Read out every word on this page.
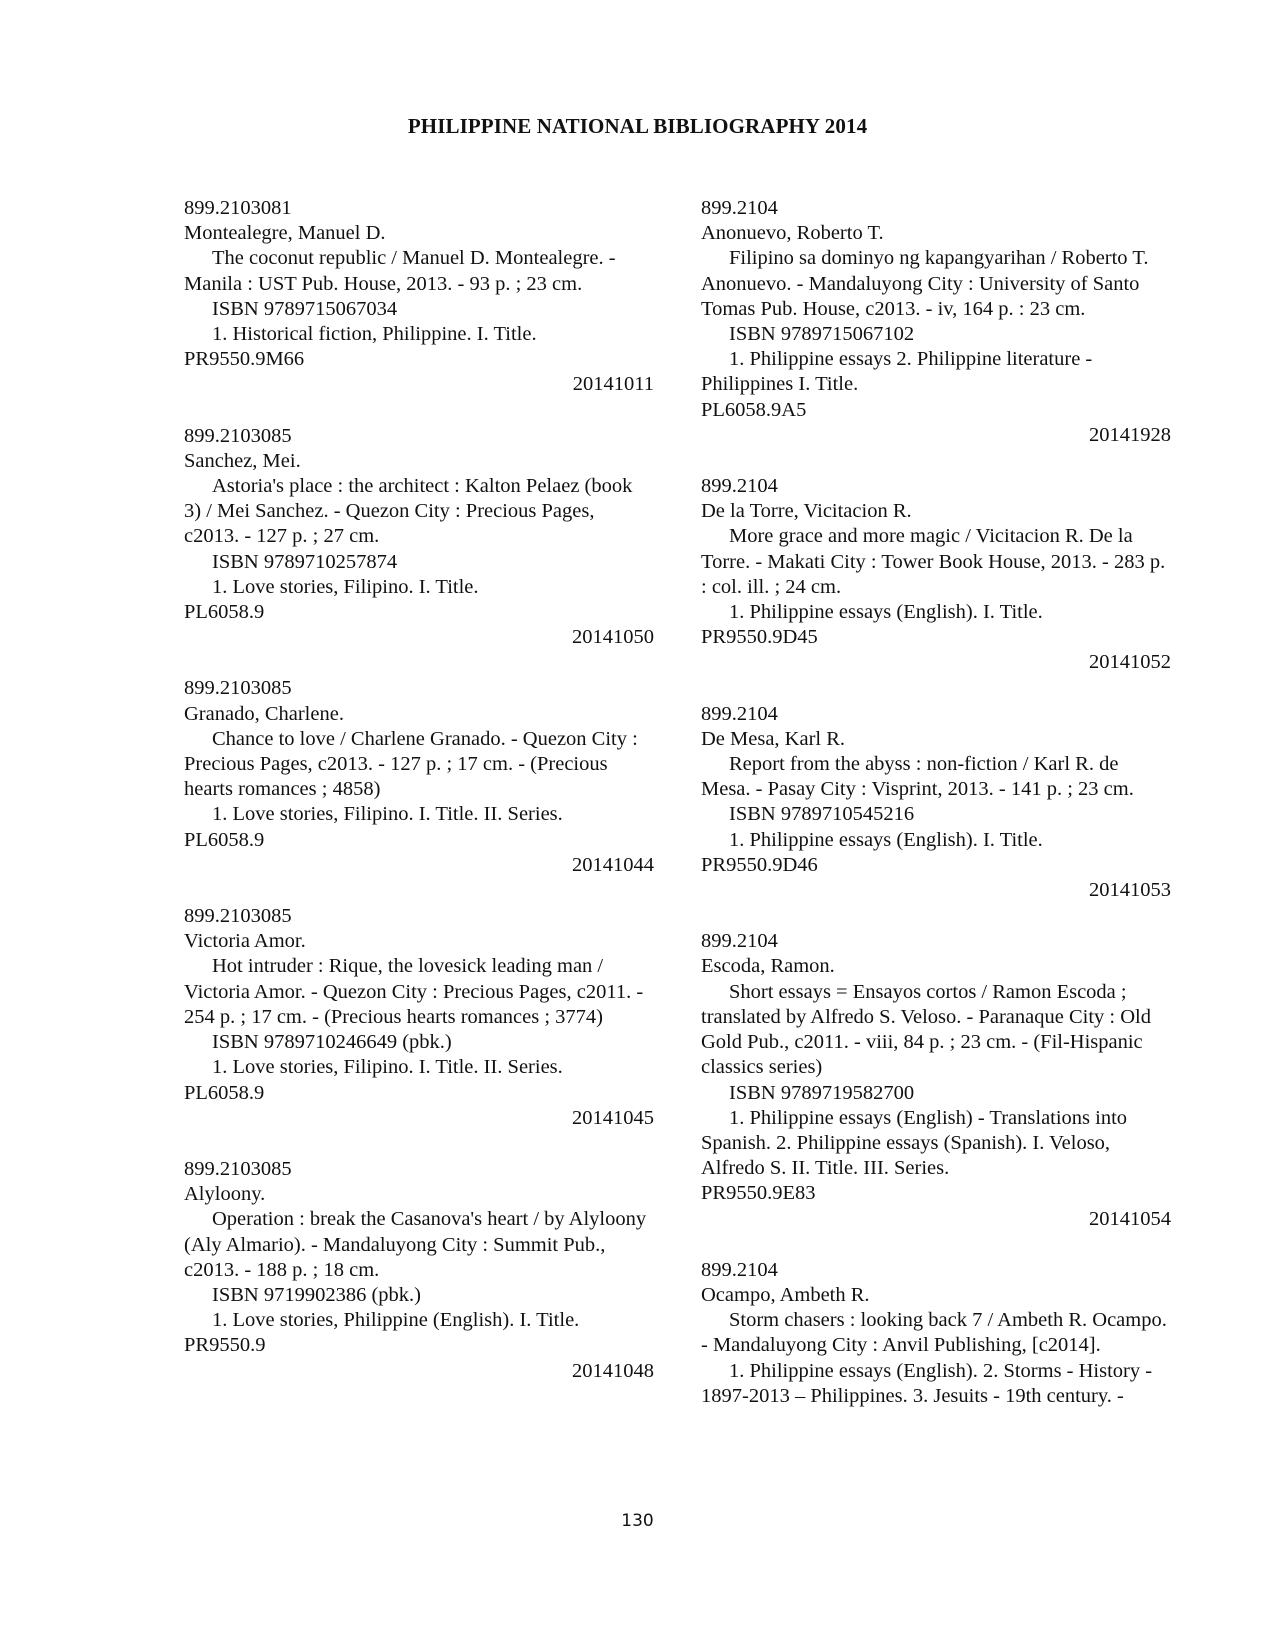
PHILIPPINE NATIONAL BIBLIOGRAPHY 2014
899.2103081
Montealegre, Manuel D.
The coconut republic / Manuel D. Montealegre. - Manila : UST Pub. House, 2013. - 93 p. ; 23 cm.
ISBN 9789715067034
1. Historical fiction, Philippine. I. Title.
PR9550.9M66
20141011
899.2103085
Sanchez, Mei.
Astoria's place : the architect : Kalton Pelaez (book 3) / Mei Sanchez. - Quezon City : Precious Pages, c2013. - 127 p. ; 27 cm.
ISBN 9789710257874
1. Love stories, Filipino. I. Title.
PL6058.9
20141050
899.2103085
Granado, Charlene.
Chance to love / Charlene Granado. - Quezon City : Precious Pages, c2013. - 127 p. ; 17 cm. - (Precious hearts romances ; 4858)
1. Love stories, Filipino. I. Title. II. Series.
PL6058.9
20141044
899.2103085
Victoria Amor.
Hot intruder : Rique, the lovesick leading man / Victoria Amor. - Quezon City : Precious Pages, c2011. - 254 p. ; 17 cm. - (Precious hearts romances ; 3774)
ISBN 9789710246649 (pbk.)
1. Love stories, Filipino. I. Title. II. Series.
PL6058.9
20141045
899.2103085
Alyloony.
Operation : break the Casanova's heart / by Alyloony (Aly Almario). - Mandaluyong City : Summit Pub., c2013. - 188 p. ; 18 cm.
ISBN 9719902386 (pbk.)
1. Love stories, Philippine (English). I. Title.
PR9550.9
20141048
899.2104
Anonuevo, Roberto T.
Filipino sa dominyo ng kapangyarihan / Roberto T. Anonuevo. - Mandaluyong City : University of Santo Tomas Pub. House, c2013. - iv, 164 p. : 23 cm.
ISBN 9789715067102
1. Philippine essays 2. Philippine literature - Philippines I. Title.
PL6058.9A5
20141928
899.2104
De la Torre, Vicitacion R.
More grace and more magic / Vicitacion R. De la Torre. - Makati City : Tower Book House, 2013. - 283 p. : col. ill. ; 24 cm.
1. Philippine essays (English). I. Title.
PR9550.9D45
20141052
899.2104
De Mesa, Karl R.
Report from the abyss : non-fiction / Karl R. de Mesa. - Pasay City : Visprint, 2013. - 141 p. ; 23 cm.
ISBN 9789710545216
1. Philippine essays (English). I. Title.
PR9550.9D46
20141053
899.2104
Escoda, Ramon.
Short essays = Ensayos cortos / Ramon Escoda ; translated by Alfredo S. Veloso. - Paranaque City : Old Gold Pub., c2011. - viii, 84 p. ; 23 cm. - (Fil-Hispanic classics series)
ISBN 9789719582700
1. Philippine essays (English) - Translations into Spanish. 2. Philippine essays (Spanish). I. Veloso, Alfredo S. II. Title. III. Series.
PR9550.9E83
20141054
899.2104
Ocampo, Ambeth R.
Storm chasers : looking back 7 / Ambeth R. Ocampo. - Mandaluyong City : Anvil Publishing, [c2014].
1. Philippine essays (English). 2. Storms - History - 1897-2013 – Philippines. 3. Jesuits - 19th century. -
130
